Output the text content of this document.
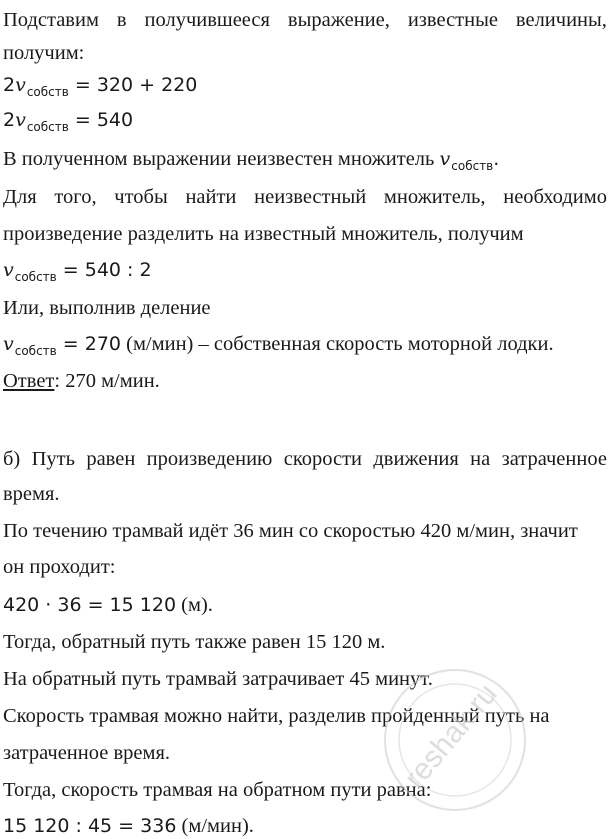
Подставим в получившееся выражение, известные величины,
получим:
$2v_{собств} = 320 + 220$
$2v_{собств} = 540$
В полученном выражении неизвестен множитель $v_{собств}$.
Для того, чтобы найти неизвестный множитель, необходимо
произведение разделить на известный множитель, получим
$v_{собств} = 540$ : 2
Или, выполнив деление
$v_{собств} = 270$ (м/мин) – собственная скорость моторной лодки.
Ответ: 270 м/мин.
б) Путь равен произведению скорости движения на затраченное
время.
По течению трамвай идёт 36 мин со скоростью 420 м/мин, значит
он проходит:
420 · 36 = 15 120 (м).
Тогда, обратный путь также равен 15 120 м.
На обратный путь трамвай затрачивает 45 минут.
Скорость трамвая можно найти, разделив пройденный путь на
затраченное время.
Тогда, скорость трамвая на обратном пути равна:
15 120 : 45 = 336 (м/мин).
reshak.ru
